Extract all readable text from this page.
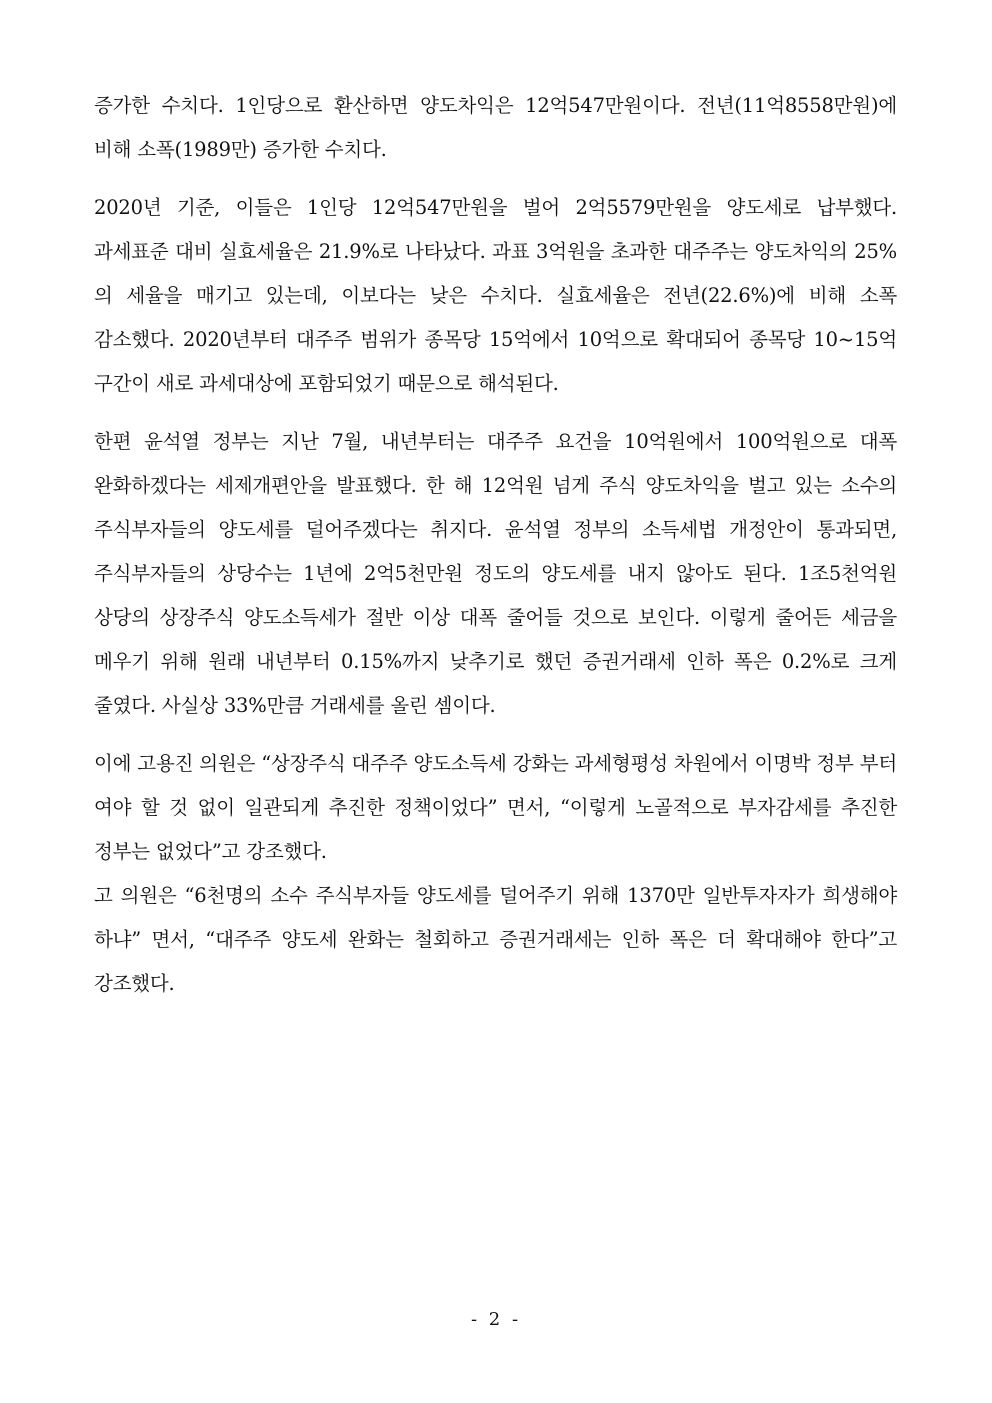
증가한 수치다. 1인당으로 환산하면 양도차익은 12억547만원이다. 전년(11억8558만원)에 비해 소폭(1989만) 증가한 수치다.

2020년 기준, 이들은 1인당 12억547만원을 벌어 2억5579만원을 양도세로 납부했다. 과세표준 대비 실효세율은 21.9%로 나타났다. 과표 3억원을 초과한 대주주는 양도차익의 25%의 세율을 매기고 있는데, 이보다는 낮은 수치다. 실효세율은 전년(22.6%)에 비해 소폭 감소했다. 2020년부터 대주주 범위가 종목당 15억에서 10억으로 확대되어 종목당 10~15억 구간이 새로 과세대상에 포함되었기 때문으로 해석된다.

한편 윤석열 정부는 지난 7월, 내년부터는 대주주 요건을 10억원에서 100억원으로 대폭 완화하겠다는 세제개편안을 발표했다. 한 해 12억원 넘게 주식 양도차익을 벌고 있는 소수의 주식부자들의 양도세를 덜어주겠다는 취지다. 윤석열 정부의 소득세법 개정안이 통과되면, 주식부자들의 상당수는 1년에 2억5천만원 정도의 양도세를 내지 않아도 된다. 1조5천억원 상당의 상장주식 양도소득세가 절반 이상 대폭 줄어들 것으로 보인다. 이렇게 줄어든 세금을 메우기 위해 원래 내년부터 0.15%까지 낮추기로 했던 증권거래세 인하 폭은 0.2%로 크게 줄였다. 사실상 33%만큼 거래세를 올린 셈이다.

이에 고용진 의원은 “상장주식 대주주 양도소득세 강화는 과세형평성 차원에서 이명박 정부 부터 여야 할 것 없이 일관되게 추진한 정책이었다” 면서, “이렇게 노골적으로 부자감세를 추진한 정부는 없었다”고 강조했다.

고 의원은 “6천명의 소수 주식부자들 양도세를 덜어주기 위해 1370만 일반투자자가 희생해야 하냐” 면서, “대주주 양도세 완화는 철회하고 증권거래세는 인하 폭은 더 확대해야 한다”고 강조했다.

- 2 -
